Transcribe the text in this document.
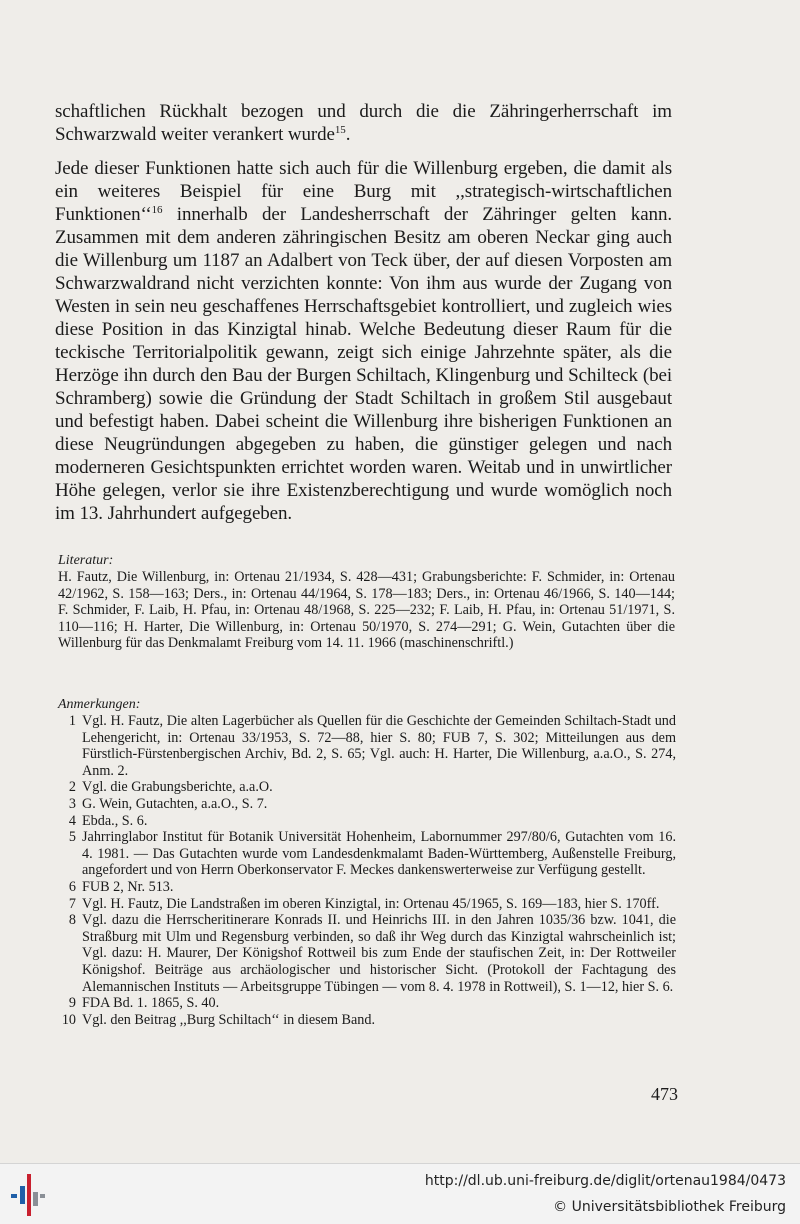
schaftlichen Rückhalt bezogen und durch die die Zähringerherrschaft im Schwarzwald weiter verankert wurde$^{15}$.

Jede dieser Funktionen hatte sich auch für die Willenburg ergeben, die damit als ein weiteres Beispiel für eine Burg mit ,,strategisch-wirtschaftlichen Funktionen‘‘$^{16}$ innerhalb der Landesherrschaft der Zähringer gelten kann. Zusammen mit dem anderen zähringischen Besitz am oberen Neckar ging auch die Willenburg um 1187 an Adalbert von Teck über, der auf diesen Vorposten am Schwarzwaldrand nicht verzichten konnte: Von ihm aus wurde der Zugang von Westen in sein neu geschaffenes Herrschaftsgebiet kontrolliert, und zugleich wies diese Position in das Kinzigtal hinab. Welche Bedeutung dieser Raum für die teckische Territorialpolitik gewann, zeigt sich einige Jahrzehnte später, als die Herzöge ihn durch den Bau der Burgen Schiltach, Klingenburg und Schilteck (bei Schramberg) sowie die Gründung der Stadt Schiltach in großem Stil ausgebaut und befestigt haben. Dabei scheint die Willenburg ihre bisherigen Funktionen an diese Neugründungen abgegeben zu haben, die günstiger gelegen und nach moderneren Gesichtspunkten errichtet worden waren. Weitab und in unwirtlicher Höhe gelegen, verlor sie ihre Existenzberechtigung und wurde womöglich noch im 13. Jahrhundert aufgegeben.

Literatur:

H. Fautz, Die Willenburg, in: Ortenau 21/1934, S. 428—431; Grabungsberichte: F. Schmider, in: Ortenau 42/1962, S. 158—163; Ders., in: Ortenau 44/1964, S. 178—183; Ders., in: Ortenau 46/1966, S. 140—144; F. Schmider, F. Laib, H. Pfau, in: Ortenau 48/1968, S. 225—232; F. Laib, H. Pfau, in: Ortenau 51/1971, S. 110—116; H. Harter, Die Willenburg, in: Ortenau 50/1970, S. 274—291; G. Wein, Gutachten über die Willenburg für das Denkmalamt Freiburg vom 14. 11. 1966 (maschinenschriftl.)

Anmerkungen:

1 Vgl. H. Fautz, Die alten Lagerbücher als Quellen für die Geschichte der Gemeinden Schiltach-Stadt und Lehengericht, in: Ortenau 33/1953, S. 72—88, hier S. 80; FUB 7, S. 302; Mitteilungen aus dem Fürstlich-Fürstenbergischen Archiv, Bd. 2, S. 65; Vgl. auch: H. Harter, Die Willenburg, a.a.O., S. 274, Anm. 2.
2 Vgl. die Grabungsberichte, a.a.O.
3 G. Wein, Gutachten, a.a.O., S. 7.
4 Ebda., S. 6.
5 Jahrringlabor Institut für Botanik Universität Hohenheim, Labornummer 297/80/6, Gutachten vom 16. 4. 1981. — Das Gutachten wurde vom Landesdenkmalamt Baden-Württemberg, Außenstelle Freiburg, angefordert und von Herrn Oberkonservator F. Meckes dankenswerterweise zur Verfügung gestellt.
6 FUB 2, Nr. 513.
7 Vgl. H. Fautz, Die Landstraßen im oberen Kinzigtal, in: Ortenau 45/1965, S. 169—183, hier S. 170ff.
8 Vgl. dazu die Herrscheritinerare Konrads II. und Heinrichs III. in den Jahren 1035/36 bzw. 1041, die Straßburg mit Ulm und Regensburg verbinden, so daß ihr Weg durch das Kinzigtal wahrscheinlich ist; Vgl. dazu: H. Maurer, Der Königshof Rottweil bis zum Ende der staufischen Zeit, in: Der Rottweiler Königshof. Beiträge aus archäologischer und historischer Sicht. (Protokoll der Fachtagung des Alemannischen Instituts — Arbeitsgruppe Tübingen — vom 8. 4. 1978 in Rottweil), S. 1—12, hier S. 6.
9 FDA Bd. 1. 1865, S. 40.
10 Vgl. den Beitrag ,,Burg Schiltach‘‘ in diesem Band.

473

http://dl.ub.uni-freiburg.de/diglit/ortenau1984/0473
© Universitätsbibliothek Freiburg
